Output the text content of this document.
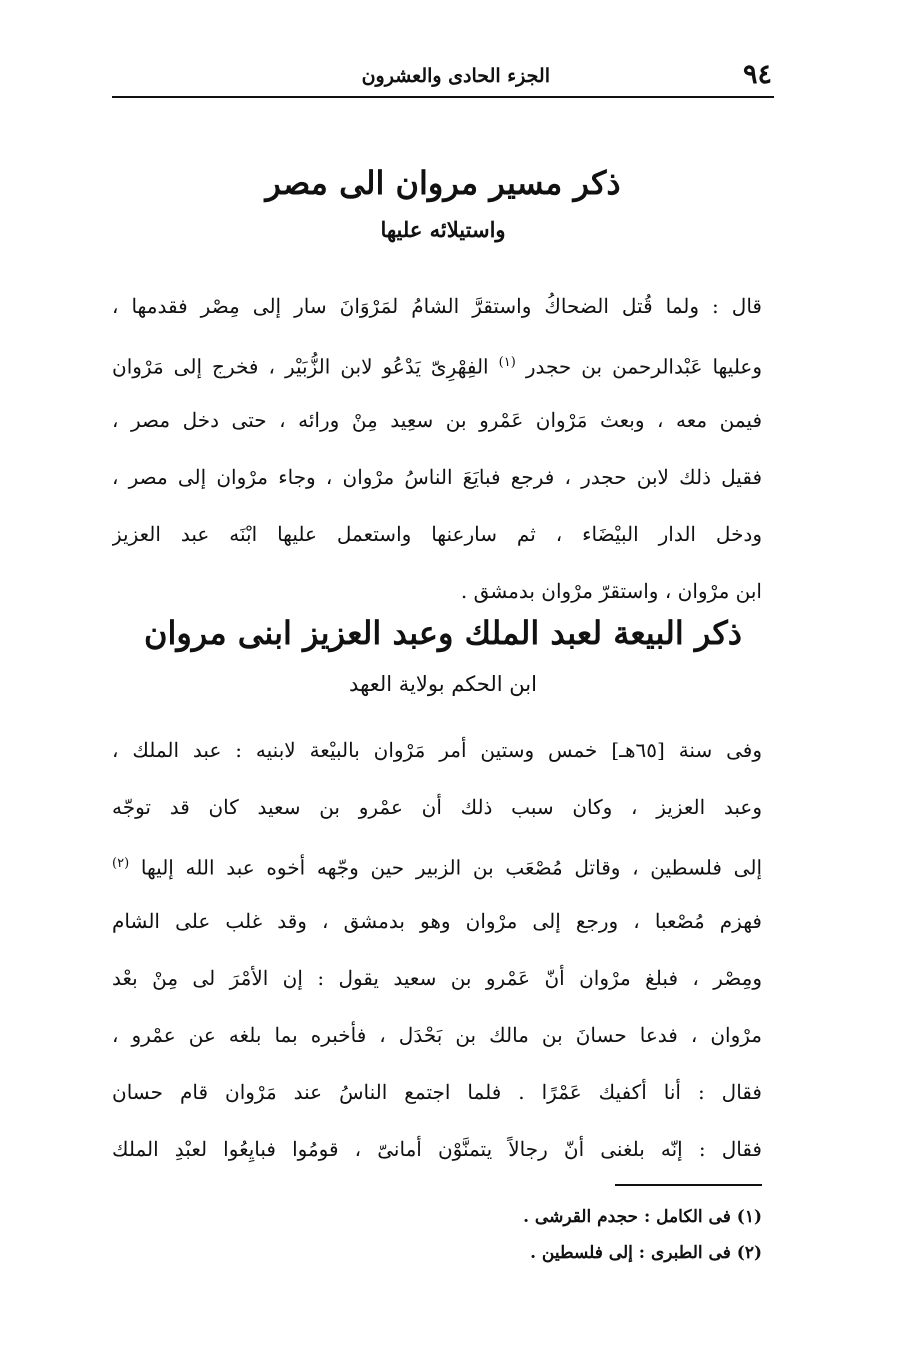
٩٤
الجزء الحادى والعشرون
ذكر مسير مروان الى مصر
واستيلائه عليها
قال : ولما قُتل الضحاكُ واستقرَّ الشامُ لمَرْوَانَ سار إلى مِصْر فقدمها ،
وعليها عَبْدالرحمن بن حجدر $^{(١)}$ الفِهْرِىّ يَدْعُو لابن الزُّبَيْر ، فخرج إلى مَرْوان
فيمن معه ، وبعث مَرْوان عَمْرو بن سعِيد مِنْ ورائه ، حتى دخل مصر ،
فقيل ذلك لابن حجدر ، فرجع فبايَعَ الناسُ مرْوان ، وجاء مرْوان إلى مصر ،
ودخل الدار البيْضَاء ، ثم سارعنها واستعمل عليها ابْنَه عبد العزيز
ابن مرْوان ، واستقرّ مرْوان بدمشق .
ذكر البيعة لعبد الملك وعبد العزيز ابنى مروان
ابن الحكم بولاية العهد
وفى سنة [٦٥هـ] خمس وستين أمر مَرْوان بالبيْعة لابنيه : عبد الملك ،
وعبد العزيز ، وكان سبب ذلك أن عمْرو بن سعيد كان قد توجّه
إلى فلسطين ، وقاتل مُصْعَب بن الزبير حين وجّهه أخوه عبد الله إليها $^{(٢)}$
فهزم مُصْعبا ، ورجع إلى مرْوان وهو بدمشق ، وقد غلب على الشام
ومِصْر ، فبلغ مرْوان أنّ عَمْرو بن سعيد يقول : إن الأمْرَ لى مِنْ بعْد
مرْوان ، فدعا حسانَ بن مالك بن بَحْدَل ، فأخبره بما بلغه عن عمْرو ،
فقال : أنا أكفيك عَمْرًا . فلما اجتمع الناسُ عند مَرْوان قام حسان
فقال : إنّه بلغنى أنّ رجالاً يتمنَّوْن أمانىّ ، قومُوا فبايِعُوا لعبْدِ الملك
(١) فى الكامل : حجدم القرشى .
(٢) فى الطبرى : إلى فلسطين .
